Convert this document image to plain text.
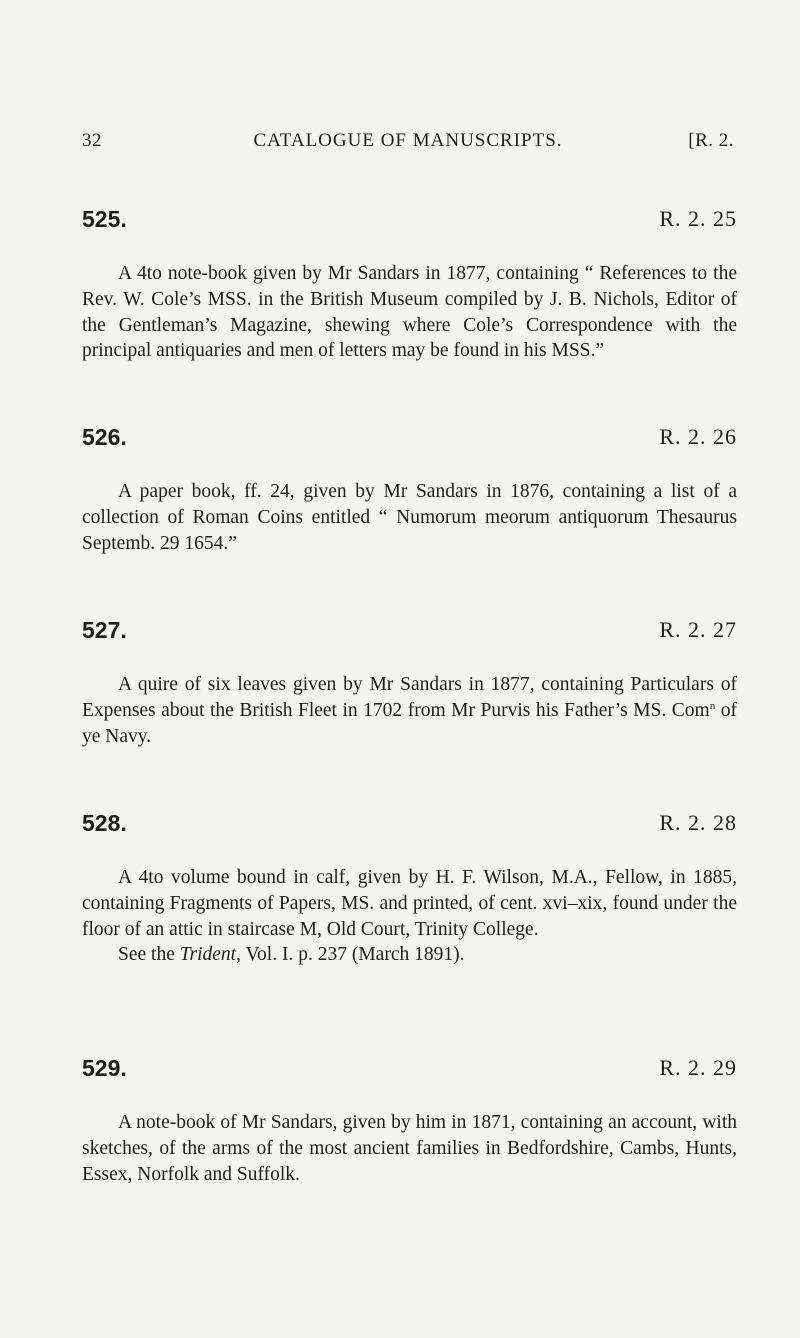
32	CATALOGUE OF MANUSCRIPTS.	[R. 2.
525.	R. 2. 25

A 4to note-book given by Mr Sandars in 1877, containing “ References to the Rev. W. Cole’s MSS. in the British Museum compiled by J. B. Nichols, Editor of the Gentleman’s Magazine, shewing where Cole’s Correspondence with the principal antiquaries and men of letters may be found in his MSS.”

526.	R. 2. 26

A paper book, ff. 24, given by Mr Sandars in 1876, containing a list of a collection of Roman Coins entitled “ Numorum meorum antiquorum Thesaurus Septemb. 29 1654.”

527.	R. 2. 27

A quire of six leaves given by Mr Sandars in 1877, containing Particulars of Expenses about the British Fleet in 1702 from Mr Purvis his Father’s MS. Com$^n$ of ye Navy.

528.	R. 2. 28

A 4to volume bound in calf, given by H. F. Wilson, M.A., Fellow, in 1885, containing Fragments of Papers, MS. and printed, of cent. xvi–xix, found under the floor of an attic in staircase M, Old Court, Trinity College.

See the Trident, Vol. I. p. 237 (March 1891).

529.	R. 2. 29

A note-book of Mr Sandars, given by him in 1871, containing an account, with sketches, of the arms of the most ancient families in Bedfordshire, Cambs, Hunts, Essex, Norfolk and Suffolk.
